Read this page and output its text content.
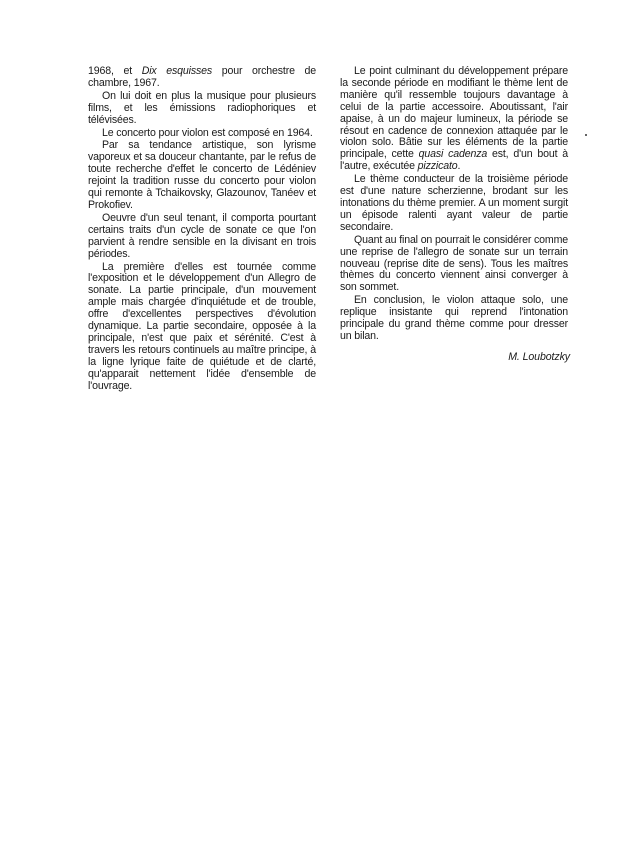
1968, et Dix esquisses pour orchestre de chambre, 1967.

On lui doit en plus la musique pour plusieurs films, et les émissions radiophoriques et télévisées.

Le concerto pour violon est composé en 1964.

Par sa tendance artistique, son lyrisme vaporeux et sa douceur chantante, par le refus de toute recherche d'effet le concerto de Lédéniev rejoint la tradition russe du concerto pour violon qui remonte à Tchaikovsky, Glazounov, Tanéev et Prokofiev.

Oeuvre d'un seul tenant, il comporta pourtant certains traits d'un cycle de sonate ce que l'on parvient à rendre sensible en la divisant en trois périodes.

La première d'elles est tournée comme l'exposition et le développement d'un Allegro de sonate. La partie principale, d'un mouvement ample mais chargée d'inquiétude et de trouble, offre d'excellentes perspectives d'évolution dynamique. La partie secondaire, opposée à la principale, n'est que paix et sérénité. C'est à travers les retours continuels au maître principe, à la ligne lyrique faite de quiétude et de clarté, qu'apparait nettement l'idée d'ensemble de l'ouvrage.

Le point culminant du développement prépare la seconde période en modifiant le thème lent de manière qu'il ressemble toujours davantage à celui de la partie accessoire. Aboutissant, l'air apaise, à un do majeur lumineux, la période se résout en cadence de connexion attaquée par le violon solo. Bâtie sur les éléments de la partie principale, cette quasi cadenza est, d'un bout à l'autre, exécutée pizzicato.

Le thème conducteur de la troisième période est d'une nature scherzienne, brodant sur les intonations du thème premier. A un moment surgit un épisode ralenti ayant valeur de partie secondaire.

Quant au final on pourrait le considérer comme une reprise de l'allegro de sonate sur un terrain nouveau (reprise dite de sens). Tous les maîtres thèmes du concerto viennent ainsi converger à son sommet.

En conclusion, le violon attaque solo, une replique insistante qui reprend l'intonation principale du grand thème comme pour dresser un bilan.

M. Loubotzky
